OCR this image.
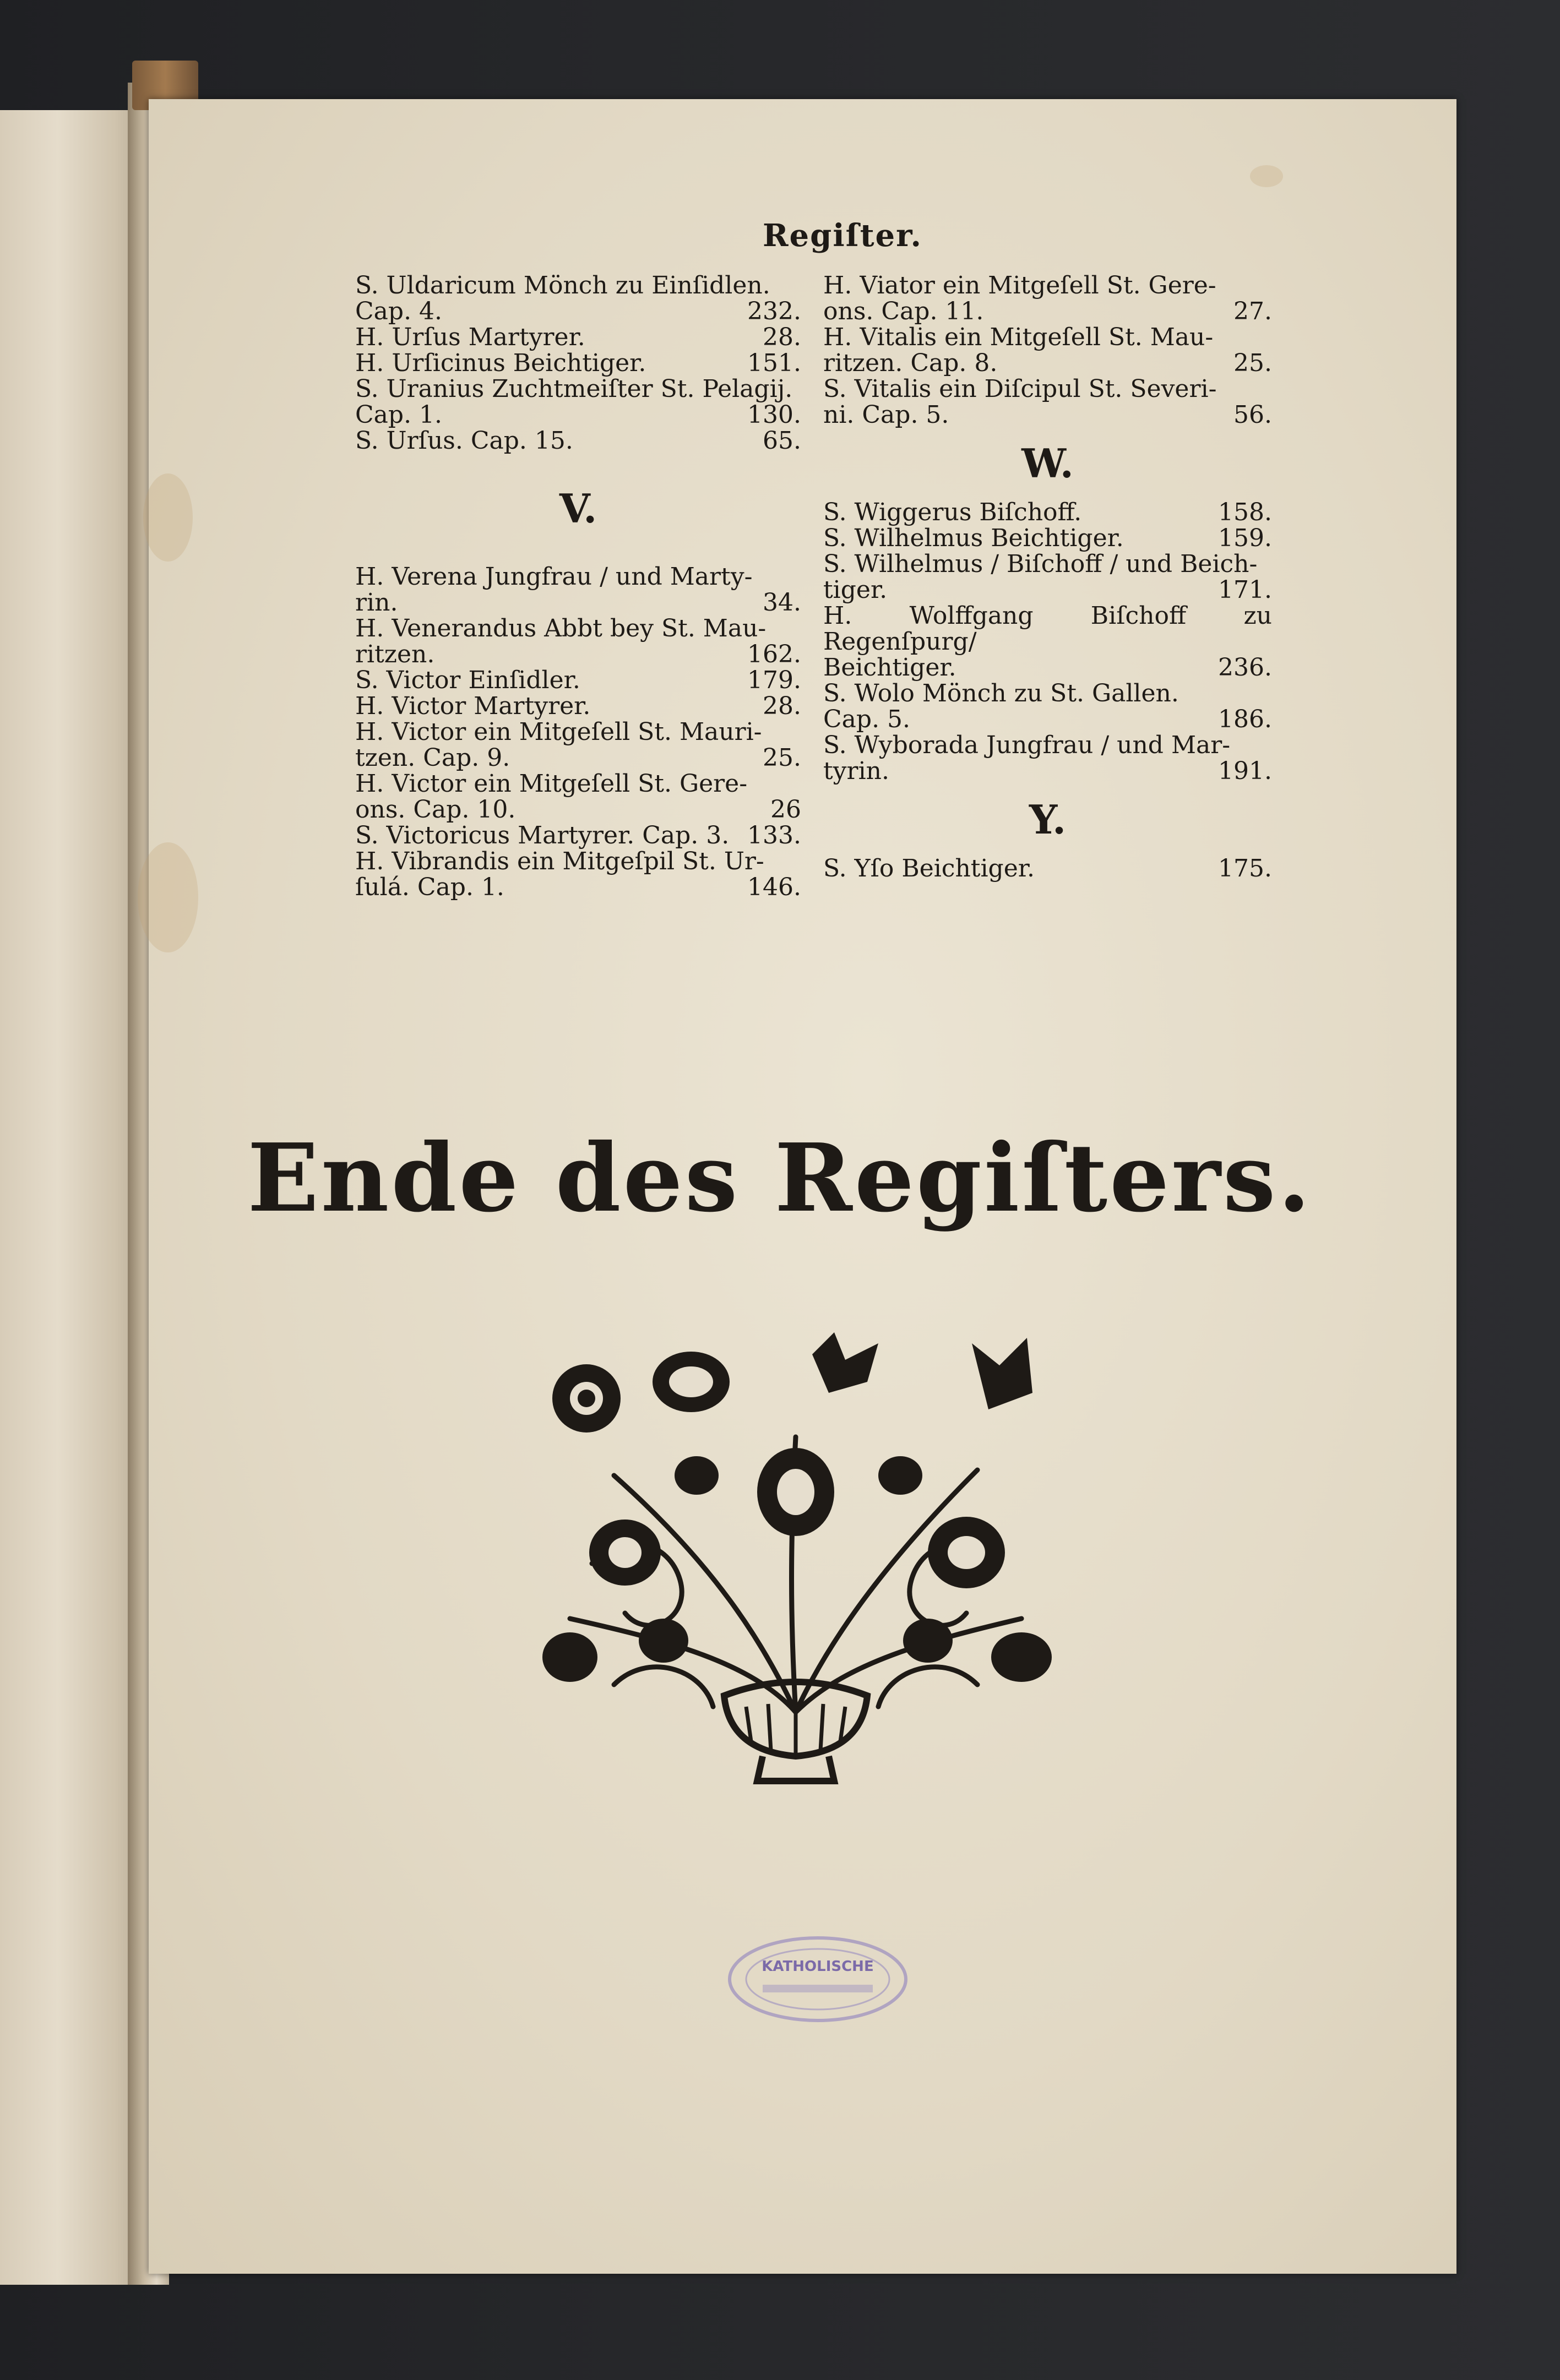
Regiſter.
S. Uldaricum Mönch zu Einſidlen.
Cap. 4.	232.
H. Urſus Martyrer.	28.
H. Urſicinus Beichtiger.	151.
S. Uranius Zuchtmeiſter St. Pelagij.
Cap. 1.	130.
S. Urſus. Cap. 15.	65.
V.
H. Verena Jungfrau / und Marty-
rin.	34.
H. Venerandus Abbt bey St. Mau-
ritzen.	162.
S. Victor Einſidler.	179.
H. Victor Martyrer.	28.
H. Victor ein Mitgeſell St. Mauri-
tzen. Cap. 9.	25.
H. Victor ein Mitgeſell St. Gere-
ons. Cap. 10.	26
S. Victoricus Martyrer. Cap. 3. 133.
H. Vibrandis ein Mitgeſpil St. Ur-
ſulá. Cap. 1.	146.
H. Viator ein Mitgeſell St. Gere-
ons. Cap. 11.	27.
H. Vitalis ein Mitgeſell St. Mau-
ritzen. Cap. 8.	25.
S. Vitalis ein Diſcipul St. Severi-
ni. Cap. 5.	56.
W.
S. Wiggerus Biſchoff.	158.
S. Wilhelmus Beichtiger.	159.
S. Wilhelmus / Biſchoff / und Beich-
tiger.	171.
H. Wolffgang Biſchoff zu Regenſpurg/
Beichtiger.	236.
S. Wolo Mönch zu St. Gallen.
Cap. 5.	186.
S. Wyborada Jungfrau / und Mar-
tyrin.	191.
Y.
S. Yſo Beichtiger.	175.
Ende des Regiſters.
KATHOLISCHE
